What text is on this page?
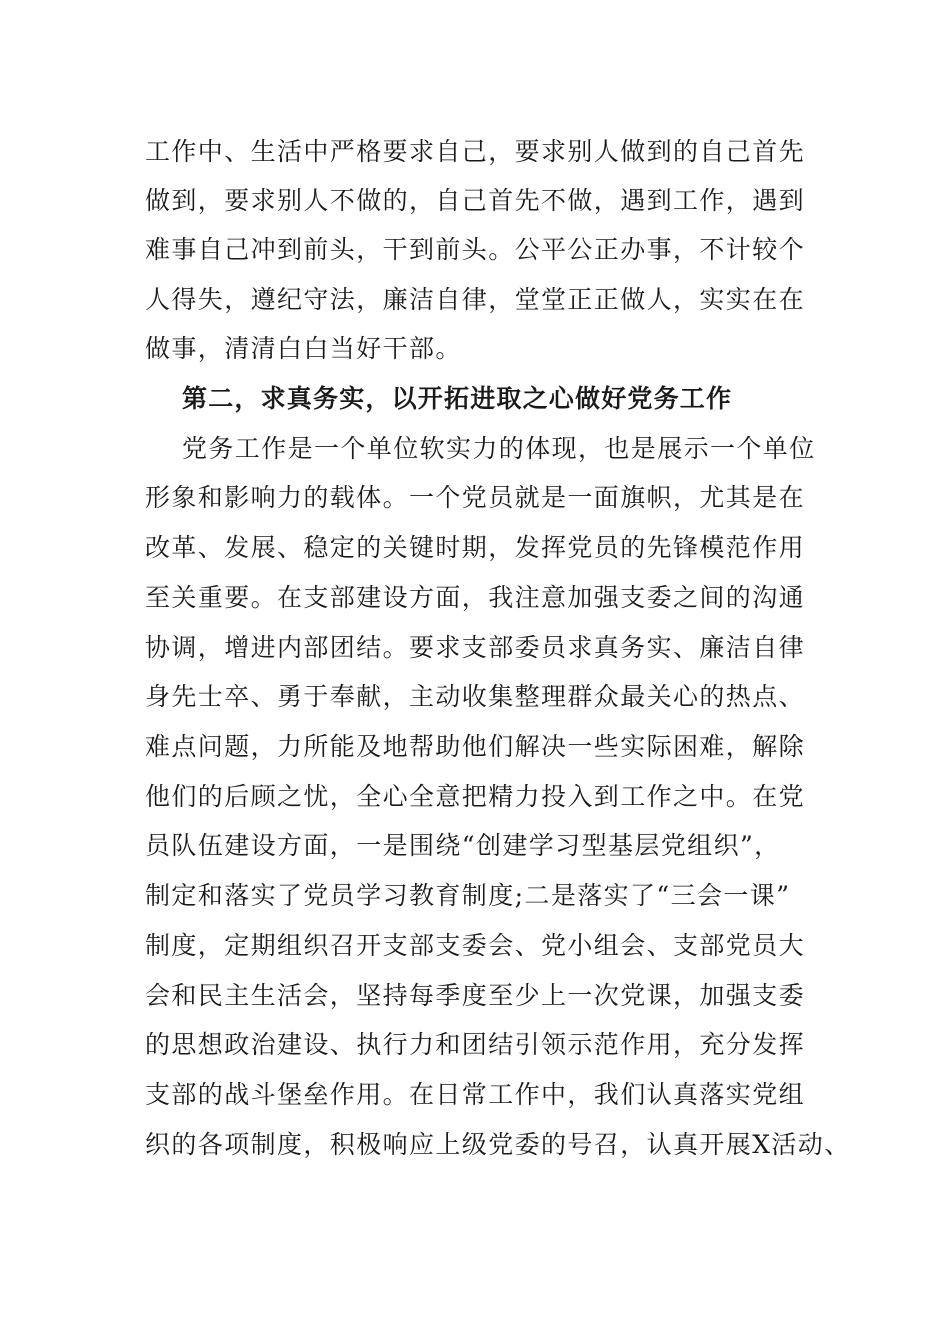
工作中、生活中严格要求自己，要求别人做到的自己首先
做到，要求别人不做的，自己首先不做，遇到工作，遇到
难事自己冲到前头，干到前头。公平公正办事，不计较个
人得失，遵纪守法，廉洁自律，堂堂正正做人，实实在在
做事，清清白白当好干部。
第二，求真务实，以开拓进取之心做好党务工作
党务工作是一个单位软实力的体现，也是展示一个单位
形象和影响力的载体。一个党员就是一面旗帜，尤其是在
改革、发展、稳定的关键时期，发挥党员的先锋模范作用
至关重要。在支部建设方面，我注意加强支委之间的沟通
协调，增进内部团结。要求支部委员求真务实、廉洁自律
身先士卒、勇于奉献，主动收集整理群众最关心的热点、
难点问题，力所能及地帮助他们解决一些实际困难，解除
他们的后顾之忧，全心全意把精力投入到工作之中。在党
员队伍建设方面，一是围绕“创建学习型基层党组织”，
制定和落实了党员学习教育制度;二是落实了“三会一课”
制度，定期组织召开支部支委会、党小组会、支部党员大
会和民主生活会，坚持每季度至少上一次党课，加强支委
的思想政治建设、执行力和团结引领示范作用，充分发挥
支部的战斗堡垒作用。在日常工作中，我们认真落实党组
织的各项制度，积极响应上级党委的号召，认真开展X活动、
